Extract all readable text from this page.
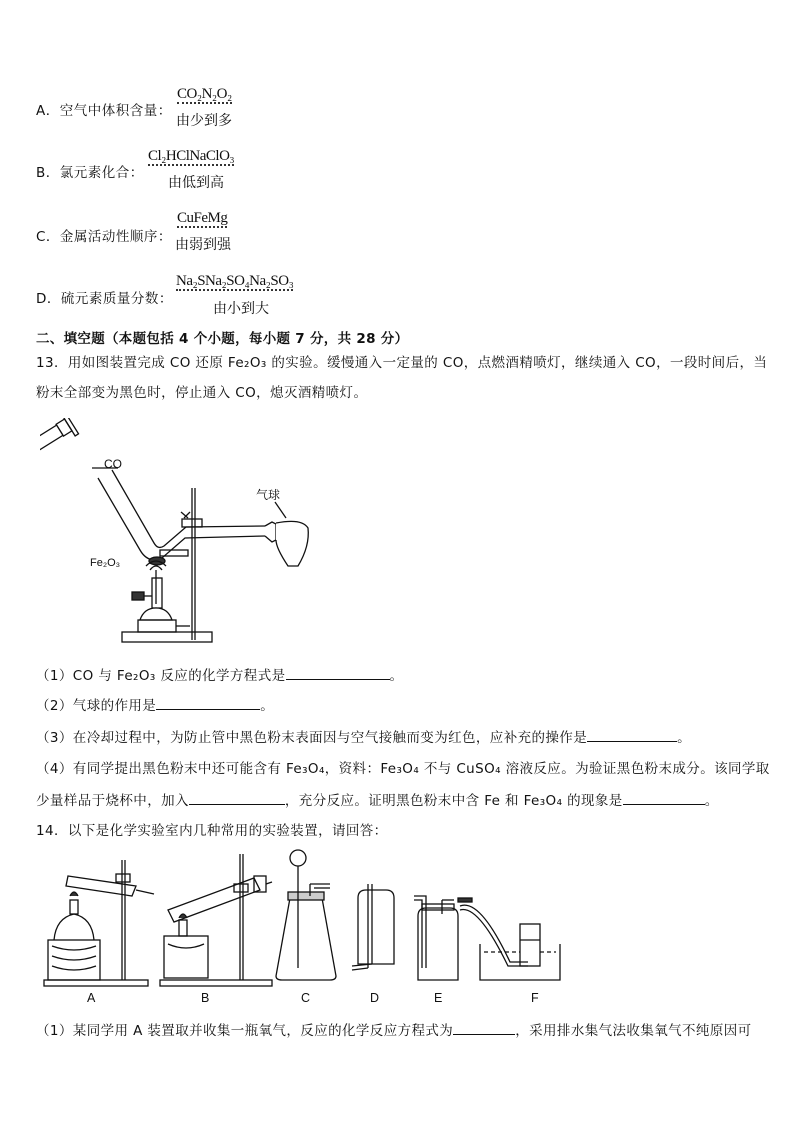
A．空气中体积含量：
CO₂N₂O₂
由少到多
B．氯元素化合：
Cl₂HClNaClO₃
由低到高
C．金属活动性顺序：
CuFeMg
由弱到强
D．硫元素质量分数：
Na₂SNa₂SO₄Na₂SO₃
由小到大
二、填空题（本题包括 4 个小题，每小题 7 分，共 28 分）
13．用如图装置完成 CO 还原 Fe₂O₃ 的实验。缓慢通入一定量的 CO，点燃酒精喷灯，继续通入 CO，一段时间后，当
粉末全部变为黑色时，停止通入 CO，熄灭酒精喷灯。
CO
气球
Fe₂O₃
（1）CO 与 Fe₂O₃ 反应的化学方程式是	。
（2）气球的作用是	。
（3）在冷却过程中，为防止管中黑色粉末表面因与空气接触而变为红色，应补充的操作是	。
（4）有同学提出黑色粉末中还可能含有 Fe₃O₄，资料：Fe₃O₄ 不与 CuSO₄ 溶液反应。为验证黑色粉末成分。该同学取
少量样品于烧杯中，加入	，充分反应。证明黑色粉末中含 Fe 和 Fe₃O₄ 的现象是	。
14．以下是化学实验室内几种常用的实验装置，请回答：
A	B	C	D	E	F
（1）某同学用 A 装置取并收集一瓶氧气，反应的化学反应方程式为	，采用排水集气法收集氧气不纯原因可
